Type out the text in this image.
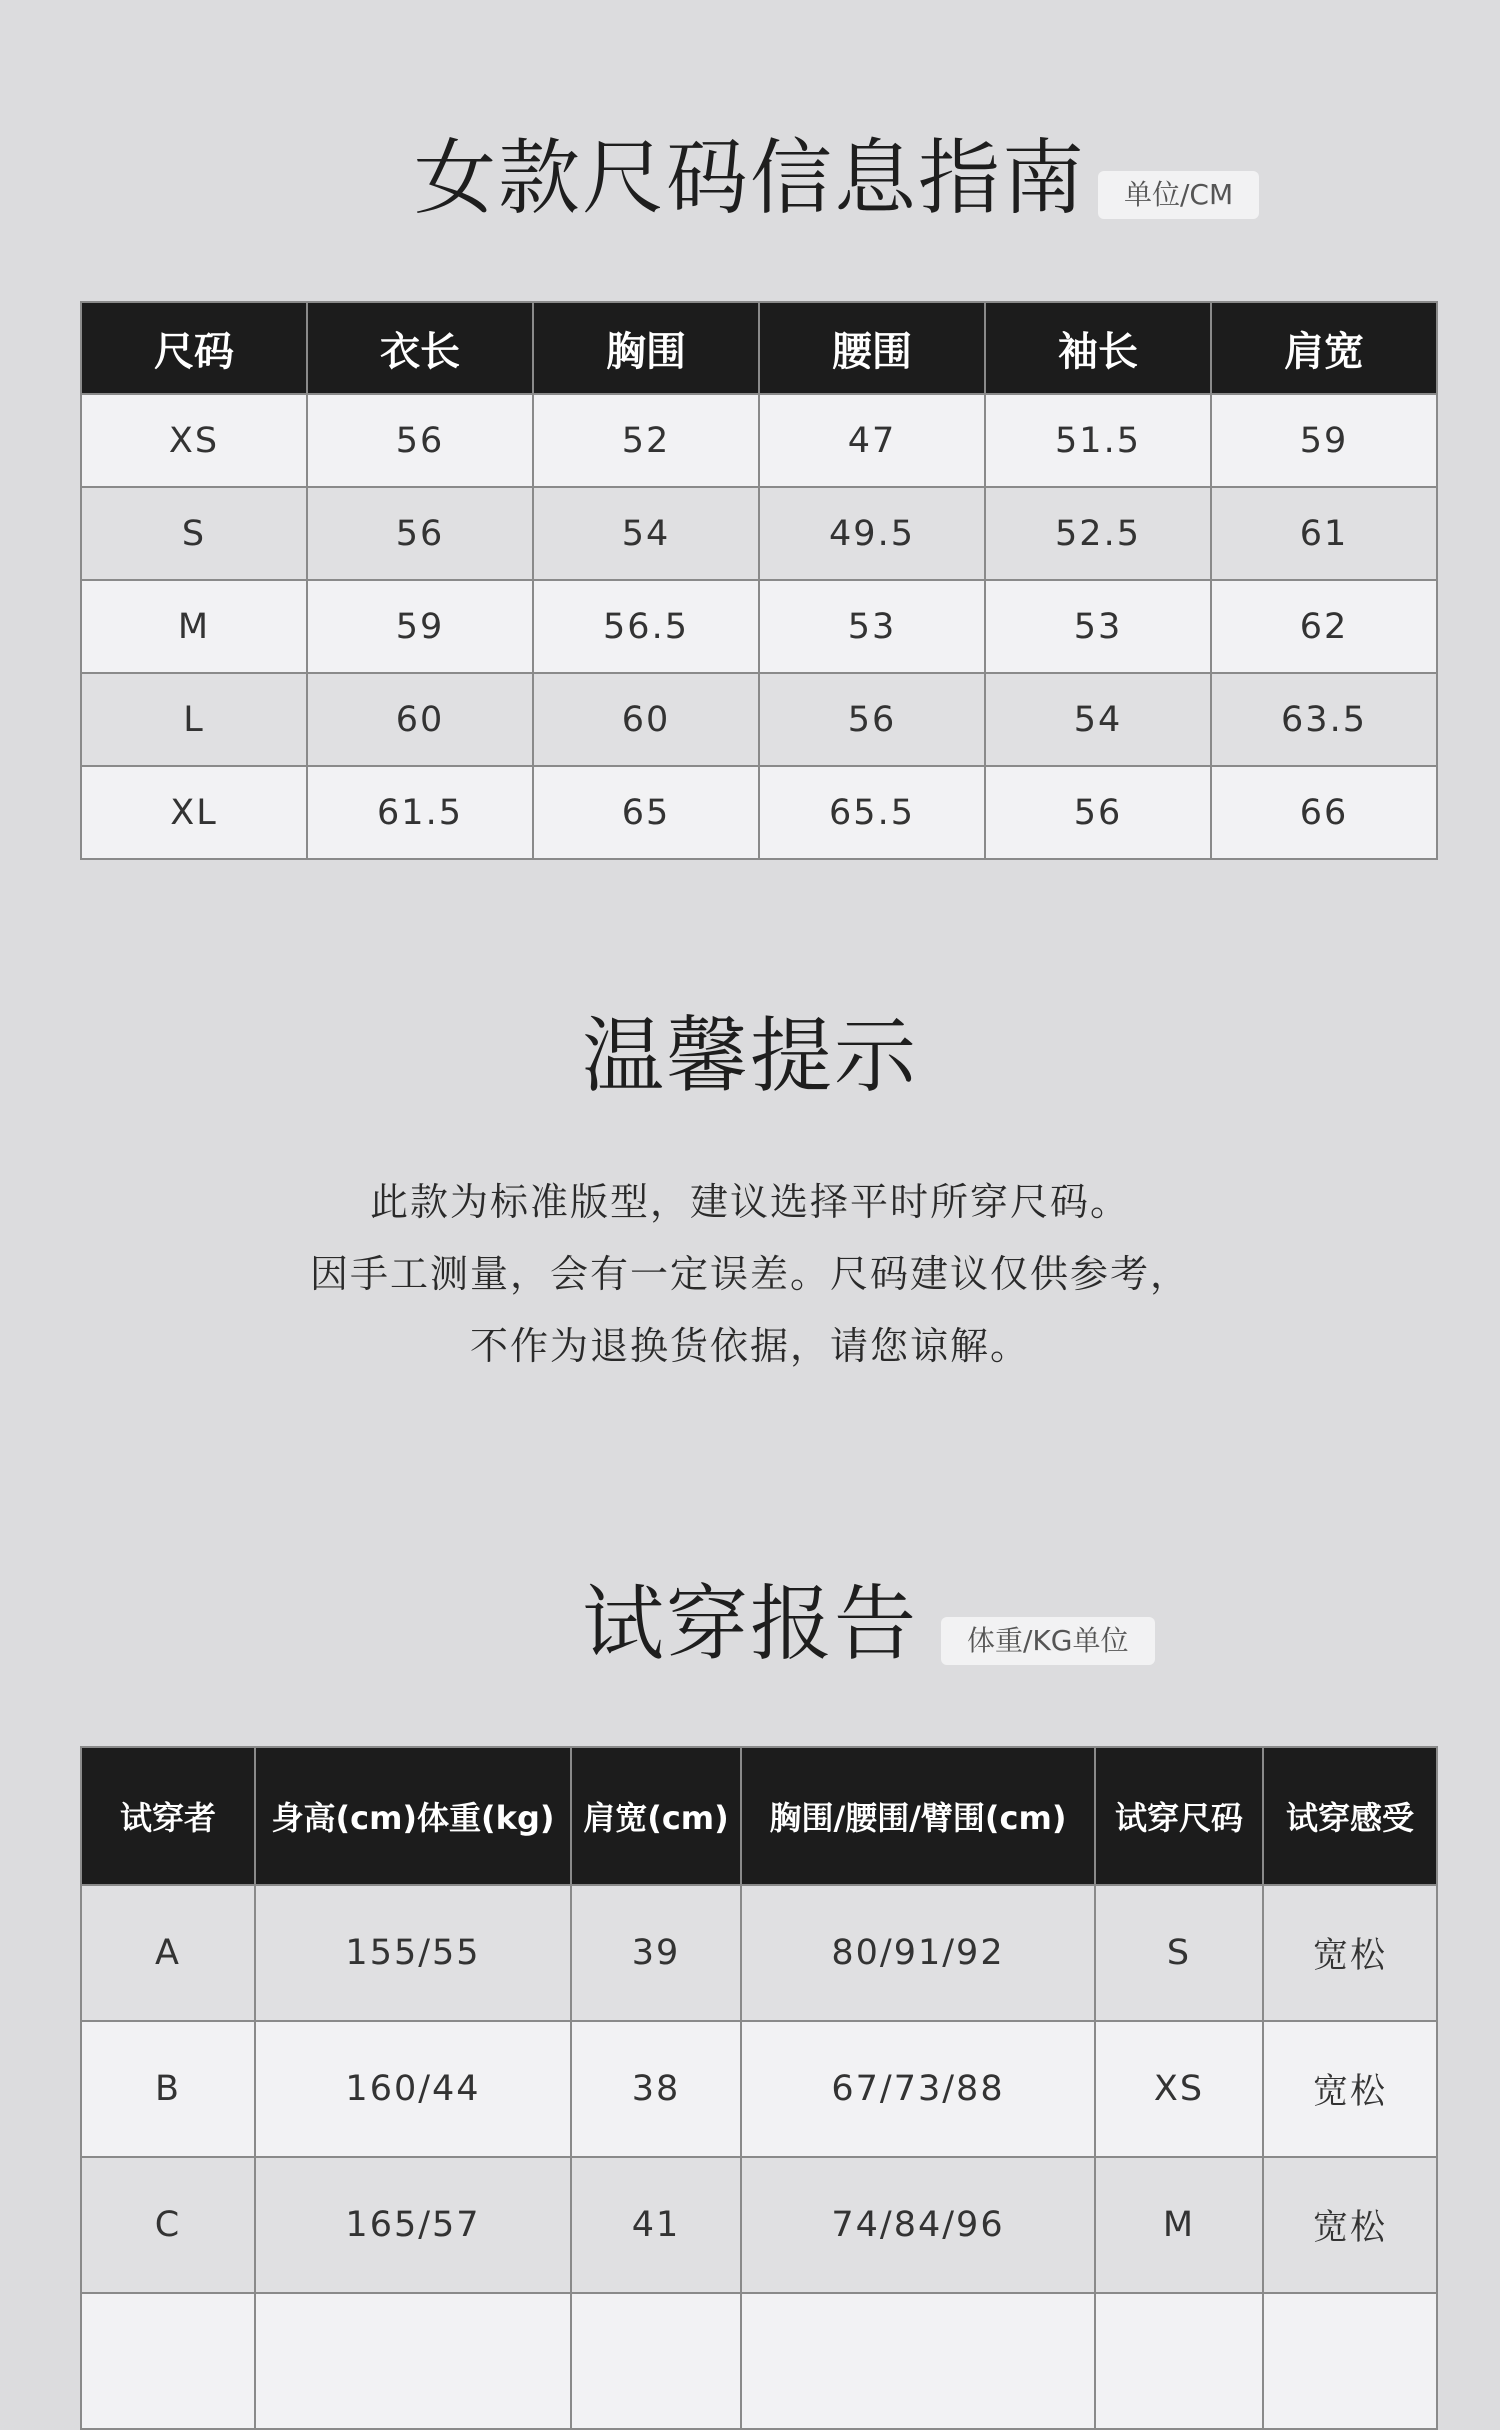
女款尺码信息指南	单位/CM
尺码	衣长	胸围	腰围	袖长	肩宽
XS	56	52	47	51.5	59
S	56	54	49.5	52.5	61
M	59	56.5	53	53	62
L	60	60	56	54	63.5
XL	61.5	65	65.5	56	66
温馨提示
此款为标准版型，建议选择平时所穿尺码。
因手工测量，会有一定误差。尺码建议仅供参考，
不作为退换货依据，请您谅解。
试穿报告	体重/KG单位
试穿者	身高(cm)体重(kg)	肩宽(cm)	胸围/腰围/臂围(cm)	试穿尺码	试穿感受
A	155/55	39	80/91/92	S	宽松
B	160/44	38	67/73/88	XS	宽松
C	165/57	41	74/84/96	M	宽松
